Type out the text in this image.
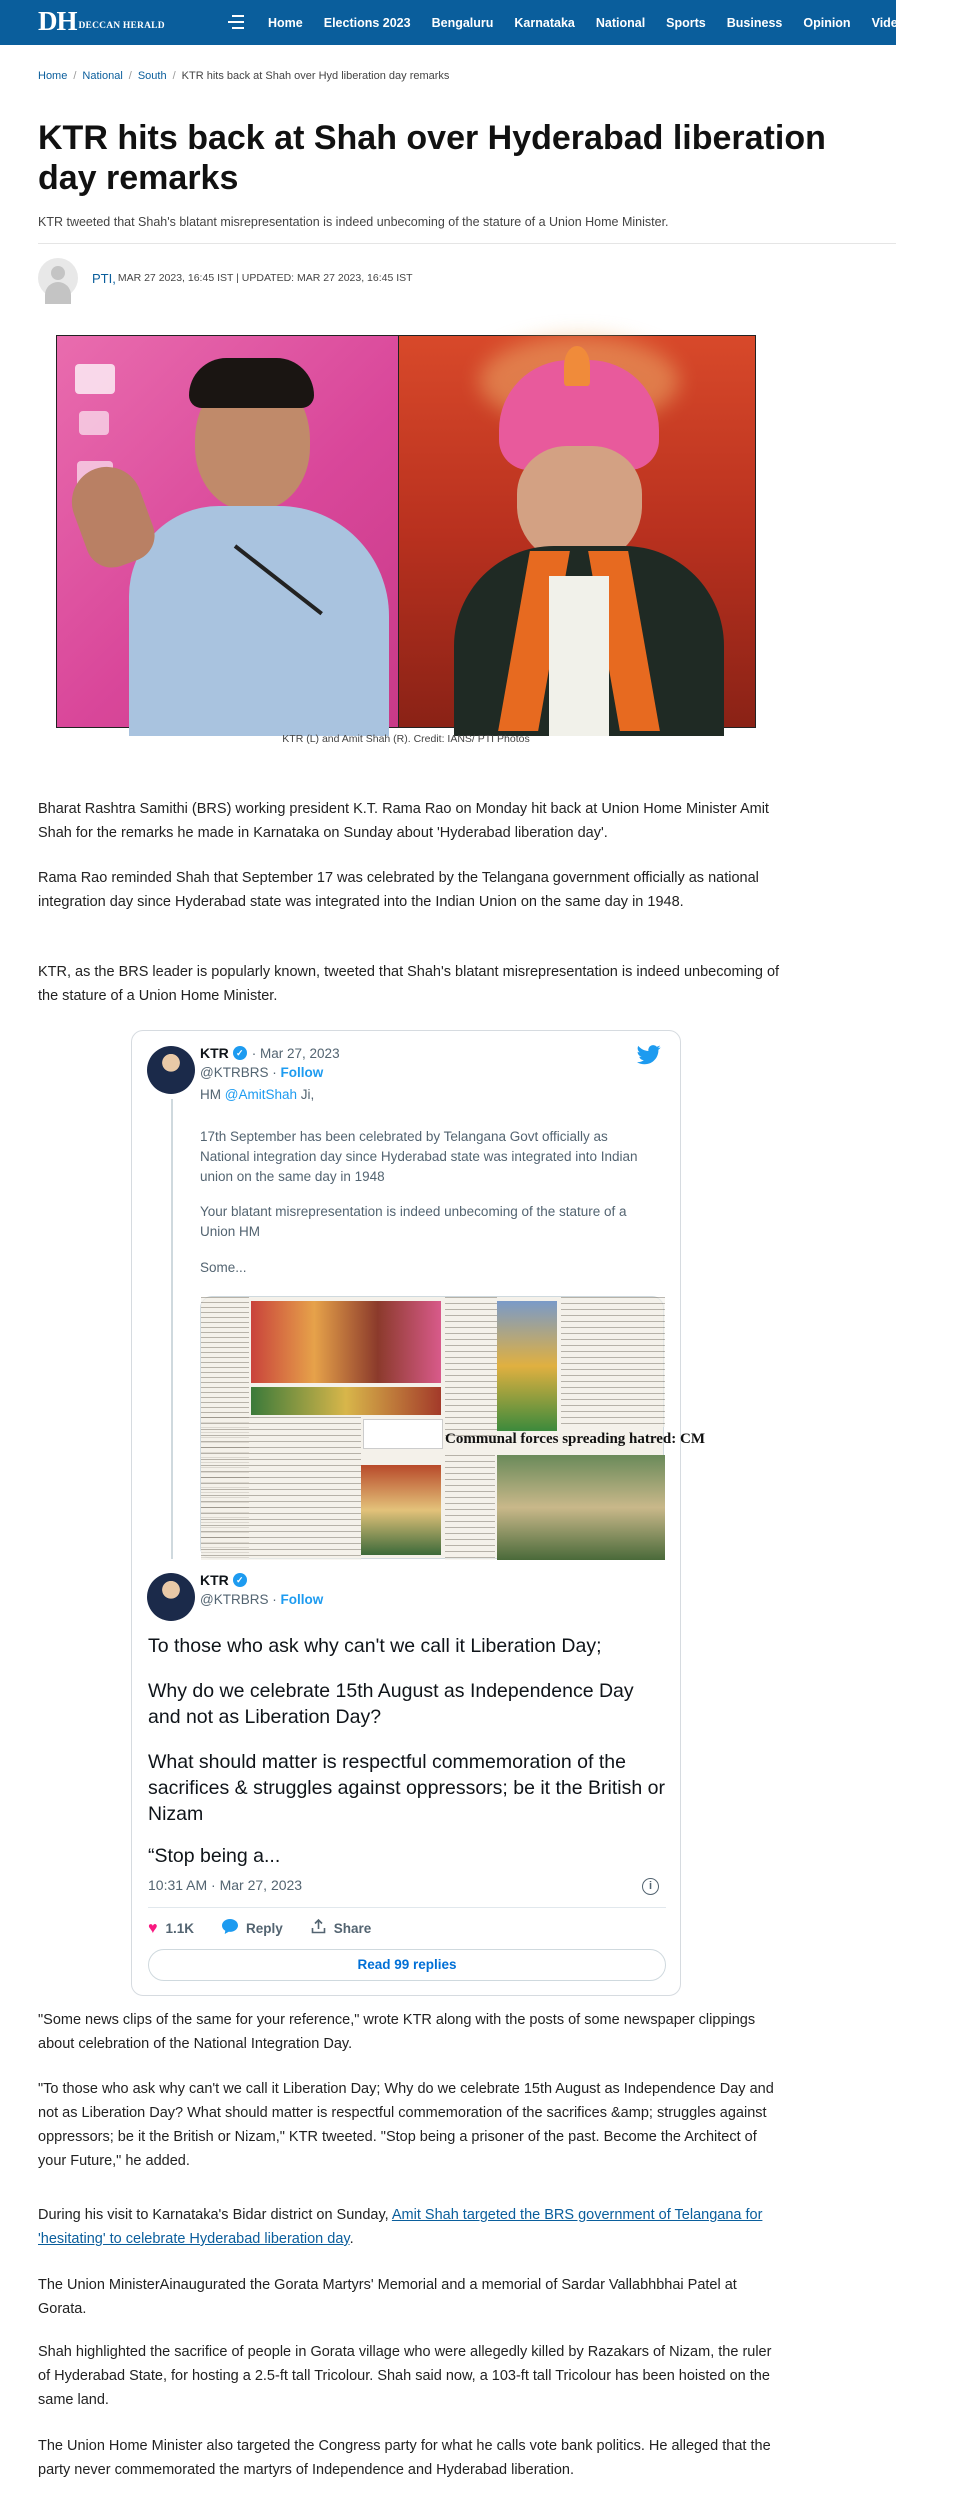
DH DECCAN HERALD	Home Elections 2023 Bengaluru Karnataka National Sports Business Opinion Videos B
Home / National / South / KTR hits back at Shah over Hyd liberation day remarks
KTR hits back at Shah over Hyderabad liberation day remarks
KTR tweeted that Shah's blatant misrepresentation is indeed unbecoming of the stature of a Union Home Minister.
PTI, MAR 27 2023, 16:45 IST | UPDATED: MAR 27 2023, 16:45 IST
KTR (L) and Amit Shah (R). Credit: IANS/ PTI Photos

Bharat Rashtra Samithi (BRS) working president K.T. Rama Rao on Monday hit back at Union Home Minister Amit Shah for the remarks he made in Karnataka on Sunday about 'Hyderabad liberation day'.

Rama Rao reminded Shah that September 17 was celebrated by the Telangana government officially as national integration day since Hyderabad state was integrated into the Indian Union on the same day in 1948.

KTR, as the BRS leader is popularly known, tweeted that Shah's blatant misrepresentation is indeed unbecoming of the stature of a Union Home Minister.

KTR ✓ · Mar 27, 2023
@KTRBRS · Follow
HM @AmitShah Ji,
17th September has been celebrated by Telangana Govt officially as National integration day since Hyderabad state was integrated into Indian union on the same day in 1948
Your blatant misrepresentation is indeed unbecoming of the stature of a Union HM
Some...
Communal forces spreading hatred: CM
KTR ✓
@KTRBRS · Follow
To those who ask why can't we call it Liberation Day;
Why do we celebrate 15th August as Independence Day and not as Liberation Day?
What should matter is respectful commemoration of the sacrifices & struggles against oppressors; be it the British or Nizam
“Stop being a...
10:31 AM · Mar 27, 2023	i
♥ 1.1K	Reply	Share
Read 99 replies

"Some news clips of the same for your reference," wrote KTR along with the posts of some newspaper clippings about celebration of the National Integration Day.

"To those who ask why can't we call it Liberation Day; Why do we celebrate 15th August as Independence Day and not as Liberation Day? What should matter is respectful commemoration of the sacrifices &amp; struggles against oppressors; be it the British or Nizam," KTR tweeted. "Stop being a prisoner of the past. Become the Architect of your Future," he added.

During his visit to Karnataka's Bidar district on Sunday, Amit Shah targeted the BRS government of Telangana for 'hesitating' to celebrate Hyderabad liberation day.

The Union MinisterAinaugurated the Gorata Martyrs' Memorial and a memorial of Sardar Vallabhbhai Patel at Gorata.

Shah highlighted the sacrifice of people in Gorata village who were allegedly killed by Razakars of Nizam, the ruler of Hyderabad State, for hosting a 2.5-ft tall Tricolour. Shah said now, a 103-ft tall Tricolour has been hoisted on the same land.

The Union Home Minister also targeted the Congress party for what he calls vote bank politics. He alleged that the party never commemorated the martyrs of Independence and Hyderabad liberation.
